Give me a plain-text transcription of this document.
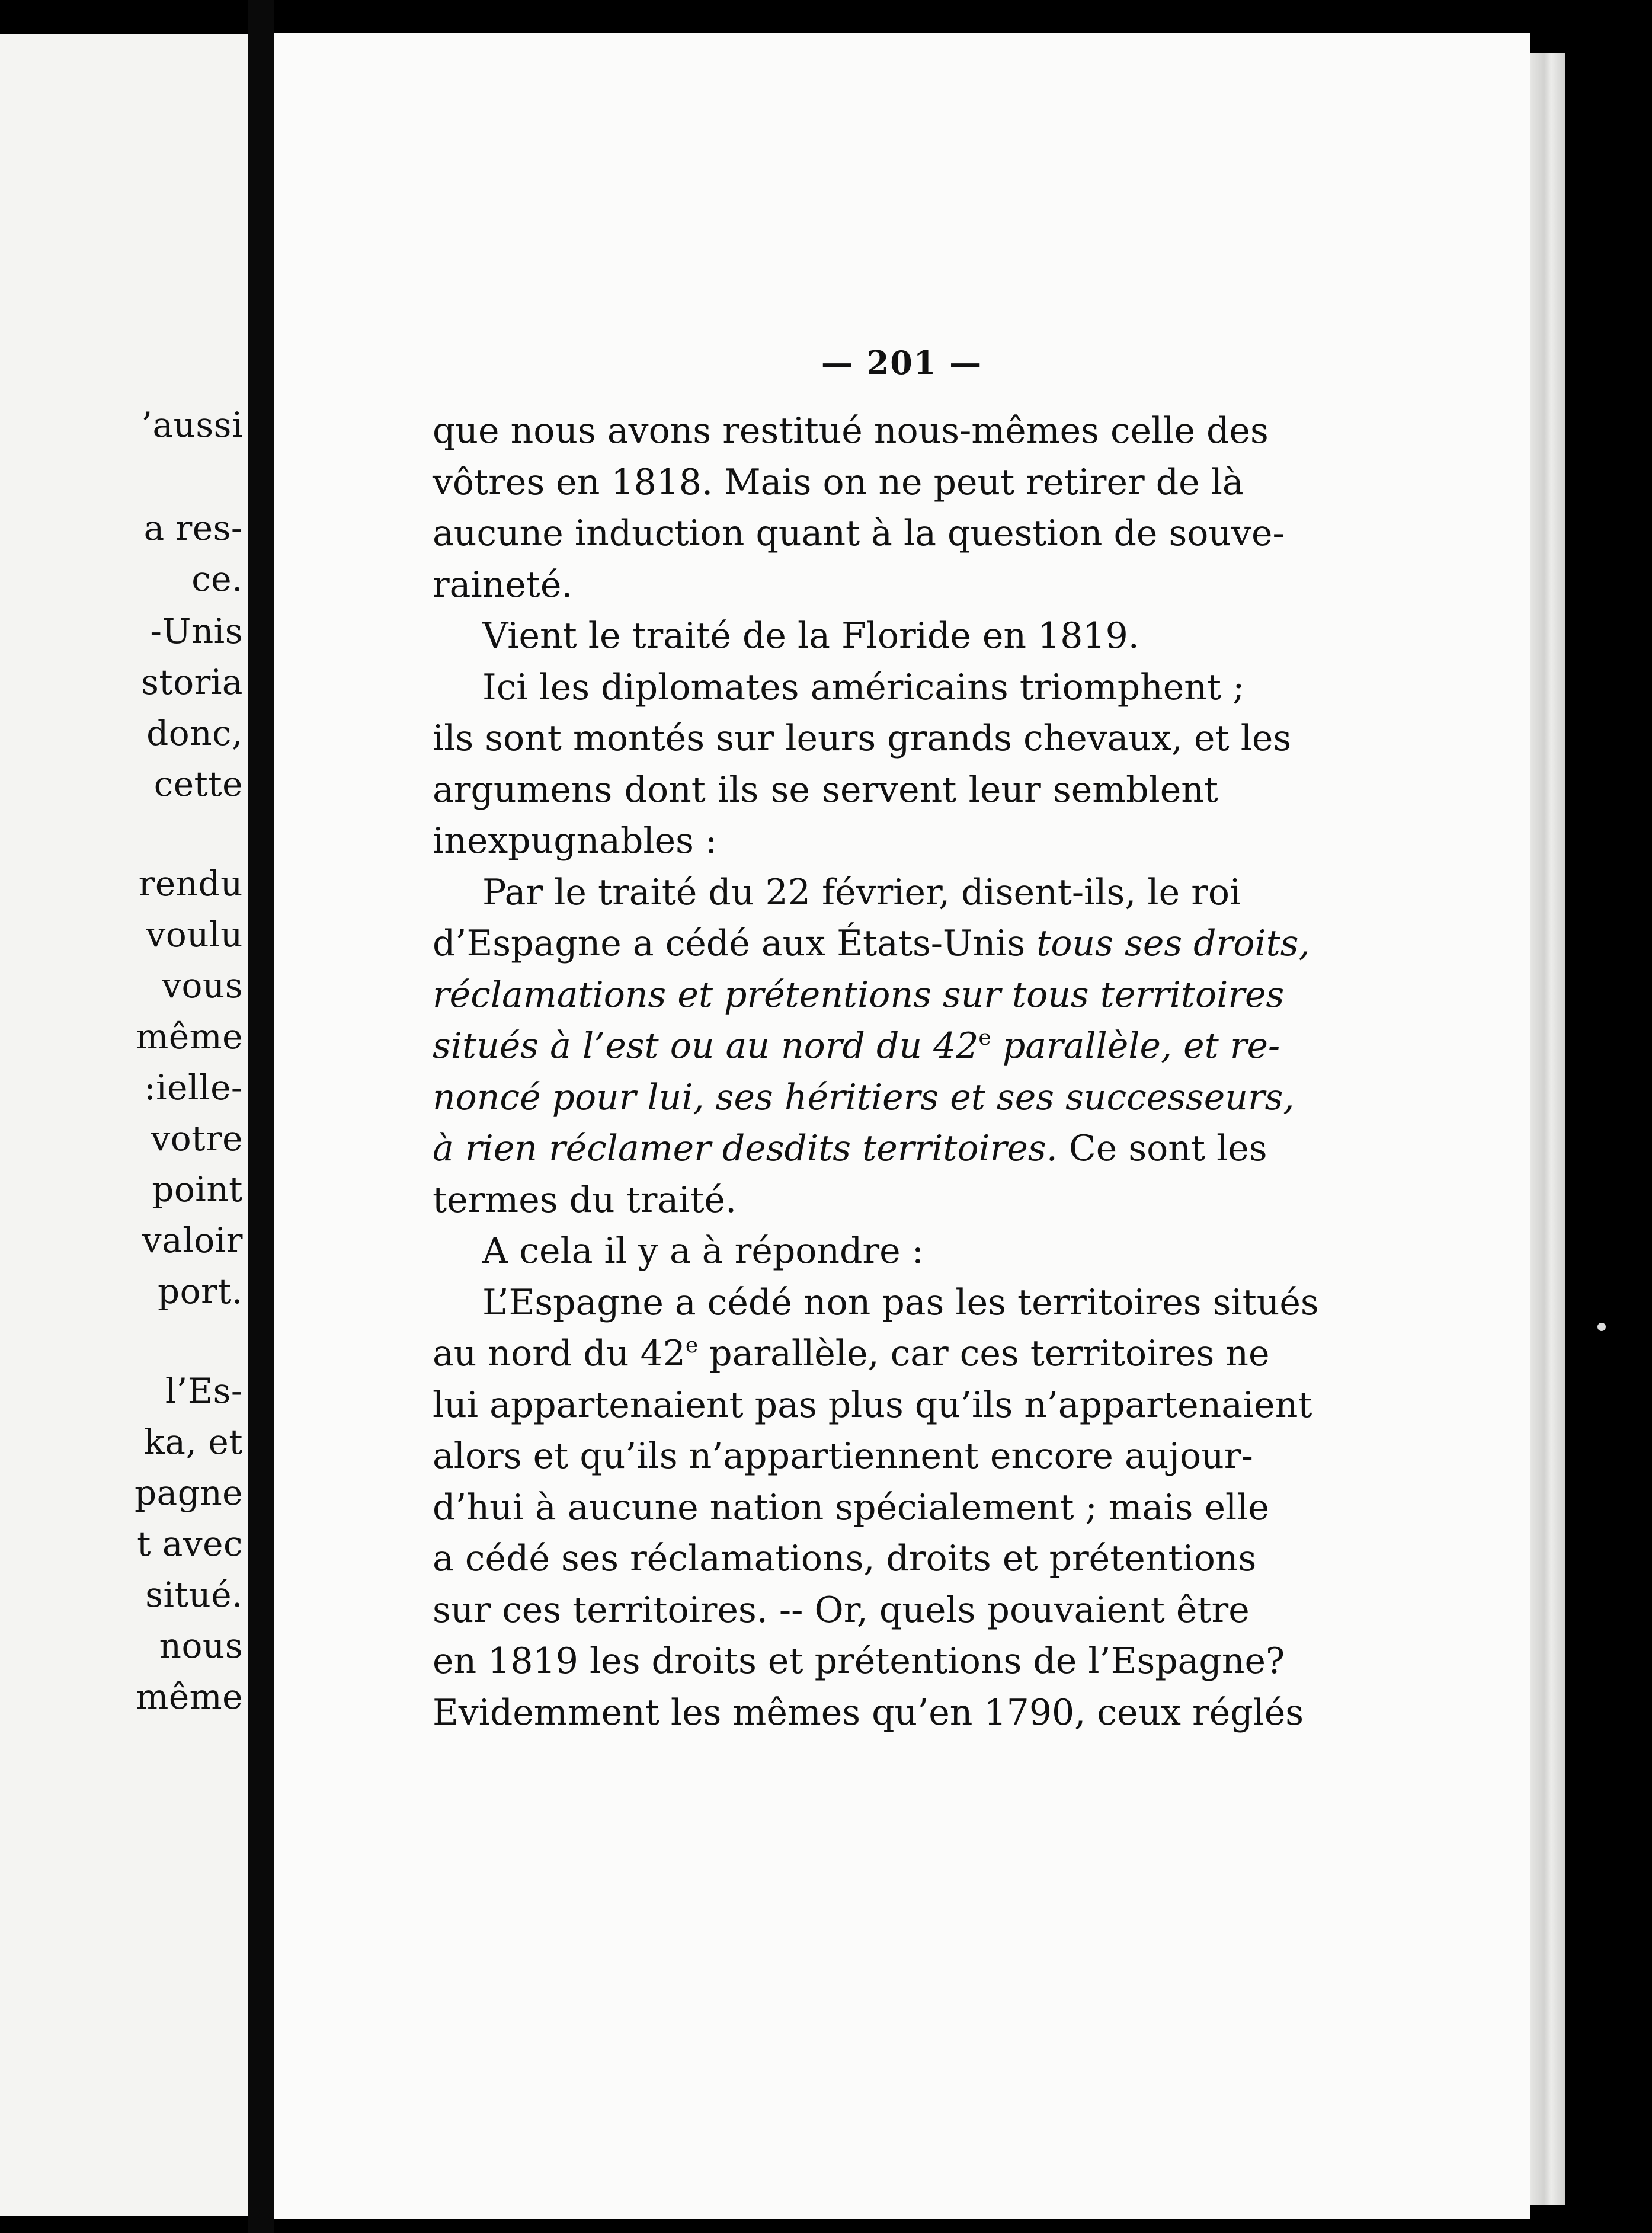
’aussi
a res-
ce.
-Unis
storia
donc,
cette
rendu
voulu
vous
même
:ielle-
votre
point
valoir
port.
l’Es-
ka, et
pagne
t avec
situé.
nous
même
— 201 —
que nous avons restitué nous-mêmes celle des
vôtres en 1818. Mais on ne peut retirer de là
aucune induction quant à la question de souve-
raineté.
Vient le traité de la Floride en 1819.
Ici les diplomates américains triomphent ;
ils sont montés sur leurs grands chevaux, et les
argumens dont ils se servent leur semblent
inexpugnables :
Par le traité du 22 février, disent-ils, le roi
d’Espagne a cédé aux États-Unis tous ses droits,
réclamations et prétentions sur tous territoires
situés à l’est ou au nord du 42e parallèle, et re-
noncé pour lui, ses héritiers et ses successeurs,
à rien réclamer desdits territoires. Ce sont les
termes du traité.
A cela il y a à répondre :
L’Espagne a cédé non pas les territoires situés
au nord du 42e parallèle, car ces territoires ne
lui appartenaient pas plus qu’ils n’appartenaient
alors et qu’ils n’appartiennent encore aujour-
d’hui à aucune nation spécialement ; mais elle
a cédé ses réclamations, droits et prétentions
sur ces territoires. -- Or, quels pouvaient être
en 1819 les droits et prétentions de l’Espagne?
Evidemment les mêmes qu’en 1790, ceux réglés
